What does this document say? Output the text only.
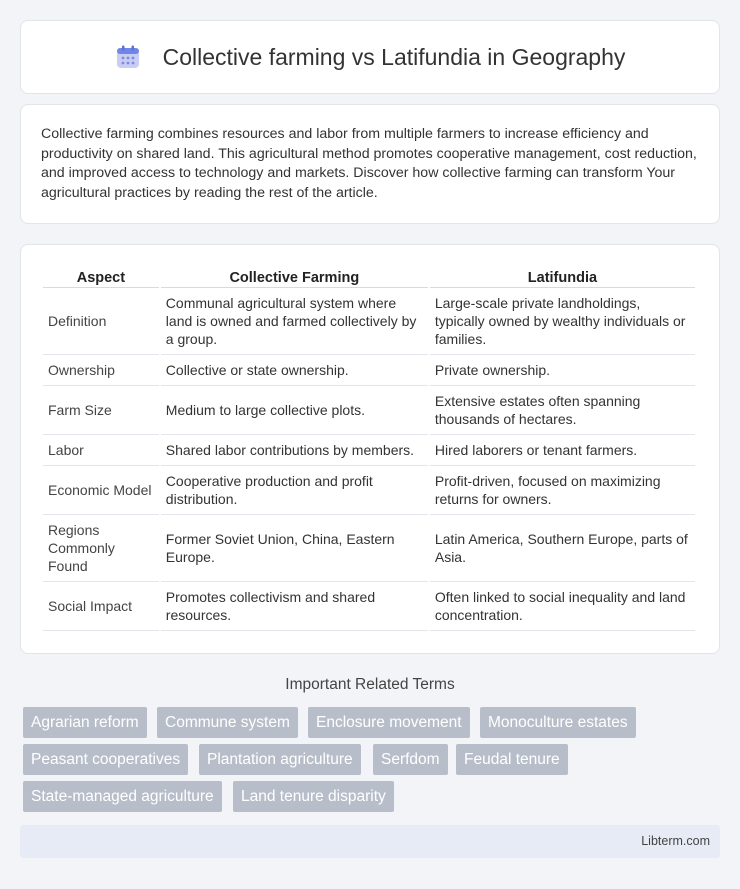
Collective farming vs Latifundia in Geography

Collective farming combines resources and labor from multiple farmers to increase efficiency and productivity on shared land. This agricultural method promotes cooperative management, cost reduction, and improved access to technology and markets. Discover how collective farming can transform Your agricultural practices by reading the rest of the article.

Aspect	Collective Farming	Latifundia
Definition	Communal agricultural system where land is owned and farmed collectively by a group.	Large-scale private landholdings, typically owned by wealthy individuals or families.
Ownership	Collective or state ownership.	Private ownership.
Farm Size	Medium to large collective plots.	Extensive estates often spanning thousands of hectares.
Labor	Shared labor contributions by members.	Hired laborers or tenant farmers.
Economic Model	Cooperative production and profit distribution.	Profit-driven, focused on maximizing returns for owners.
Regions Commonly Found	Former Soviet Union, China, Eastern Europe.	Latin America, Southern Europe, parts of Asia.
Social Impact	Promotes collectivism and shared resources.	Often linked to social inequality and land concentration.
Important Related Terms
Agrarian reform	Commune system	Enclosure movement	Monoculture estates
Peasant cooperatives	Plantation agriculture	Serfdom	Feudal tenure
State-managed agriculture	Land tenure disparity
Libterm.com
